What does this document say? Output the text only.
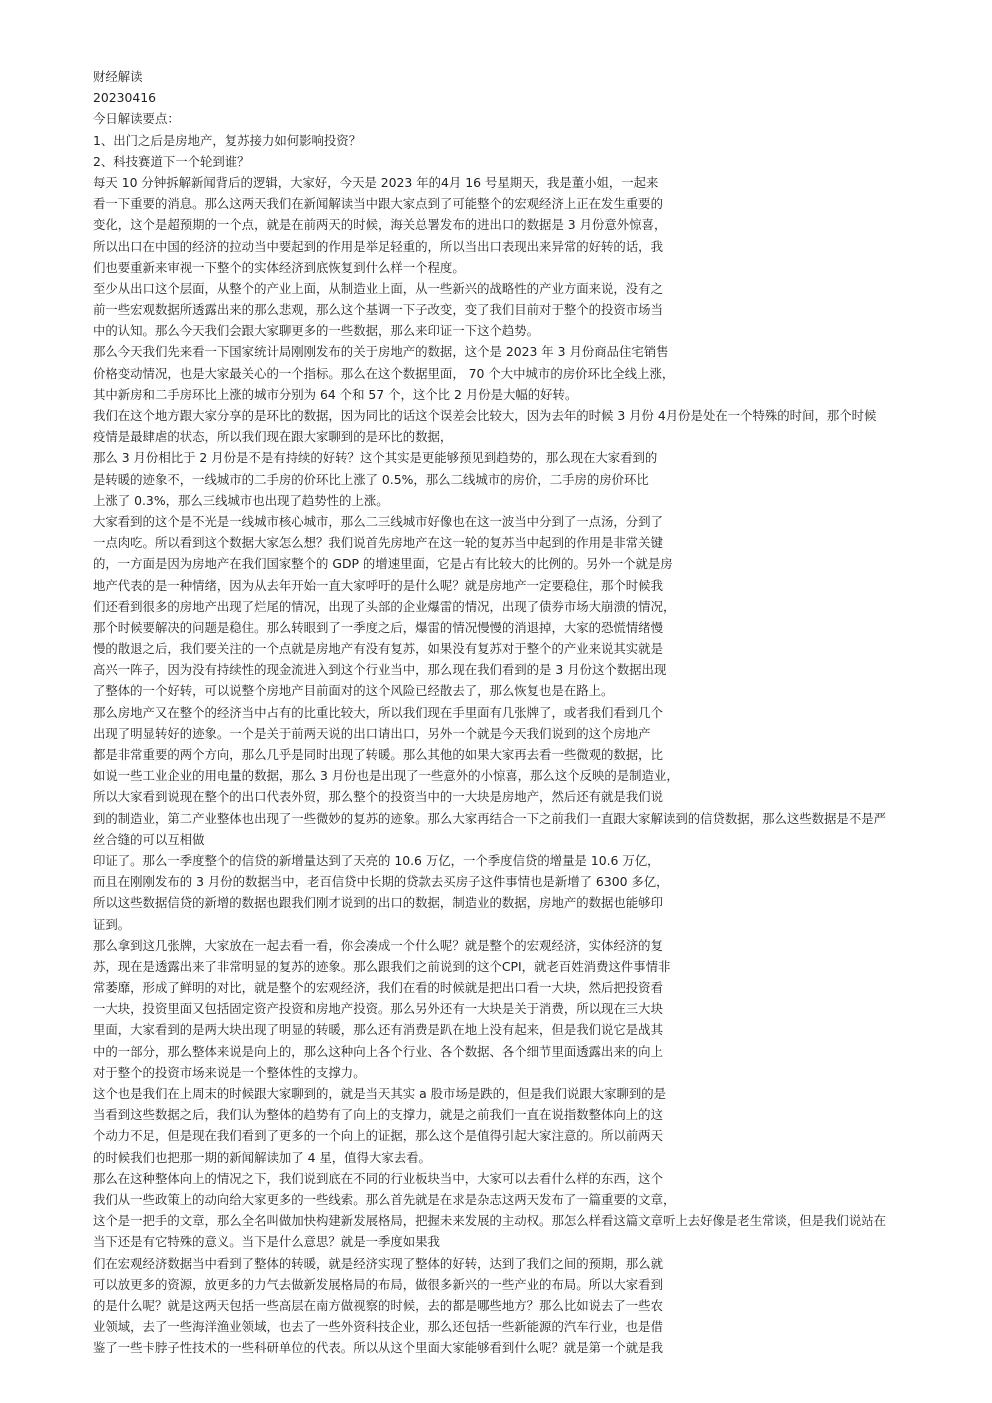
财经解读
20230416
今日解读要点：
1、出门之后是房地产，复苏接力如何影响投资？
2、科技赛道下一个轮到谁？
每天 10 分钟拆解新闻背后的逻辑，大家好，今天是 2023 年的4月 16 号星期天，我是董小姐，一起来
看一下重要的消息。那么这两天我们在新闻解读当中跟大家点到了可能整个的宏观经济上正在发生重要的
变化，这个是超预期的一个点，就是在前两天的时候，海关总署发布的进出口的数据是 3 月份意外惊喜，
所以出口在中国的经济的拉动当中要起到的作用是举足轻重的，所以当出口表现出来异常的好转的话，我
们也要重新来审视一下整个的实体经济到底恢复到什么样一个程度。
至少从出口这个层面，从整个的产业上面，从制造业上面，从一些新兴的战略性的产业方面来说，没有之
前一些宏观数据所透露出来的那么悲观，那么这个基调一下子改变，变了我们目前对于整个的投资市场当
中的认知。那么今天我们会跟大家聊更多的一些数据，那么来印证一下这个趋势。
那么今天我们先来看一下国家统计局刚刚发布的关于房地产的数据，这个是 2023 年 3 月份商品住宅销售
价格变动情况，也是大家最关心的一个指标。那么在这个数据里面， 70 个大中城市的房价环比全线上涨，
其中新房和二手房环比上涨的城市分别为 64 个和 57 个，这个比 2 月份是大幅的好转。
我们在这个地方跟大家分享的是环比的数据，因为同比的话这个误差会比较大，因为去年的时候 3 月份 4月份是处在一个特殊的时间，那个时候
疫情是最肆虐的状态，所以我们现在跟大家聊到的是环比的数据，
那么 3 月份相比于 2 月份是不是有持续的好转？这个其实是更能够预见到趋势的，那么现在大家看到的
是转暖的迹象不，一线城市的二手房的价环比上涨了 0.5%，那么二线城市的房价，二手房的房价环比
上涨了 0.3%，那么三线城市也出现了趋势性的上涨。
大家看到的这个是不光是一线城市核心城市，那么二三线城市好像也在这一波当中分到了一点汤，分到了
一点肉吃。所以看到这个数据大家怎么想？我们说首先房地产在这一轮的复苏当中起到的作用是非常关键
的，一方面是因为房地产在我们国家整个的 GDP 的增速里面，它是占有比较大的比例的。另外一个就是房
地产代表的是一种情绪，因为从去年开始一直大家呼吁的是什么呢？就是房地产一定要稳住，那个时候我
们还看到很多的房地产出现了烂尾的情况，出现了头部的企业爆雷的情况，出现了债券市场大崩溃的情况，
那个时候要解决的问题是稳住。那么转眼到了一季度之后，爆雷的情况慢慢的消退掉，大家的恐慌情绪慢
慢的散退之后，我们要关注的一个点就是房地产有没有复苏，如果没有复苏对于整个的产业来说其实就是
高兴一阵子，因为没有持续性的现金流进入到这个行业当中，那么现在我们看到的是 3 月份这个数据出现
了整体的一个好转，可以说整个房地产目前面对的这个风险已经散去了，那么恢复也是在路上。
那么房地产又在整个的经济当中占有的比重比较大，所以我们现在手里面有几张牌了，或者我们看到几个
出现了明显转好的迹象。一个是关于前两天说的出口请出口，另外一个就是今天我们说到的这个房地产
都是非常重要的两个方向，那么几乎是同时出现了转暖。那么其他的如果大家再去看一些微观的数据，比
如说一些工业企业的用电量的数据，那么 3 月份也是出现了一些意外的小惊喜，那么这个反映的是制造业，
所以大家看到说现在整个的出口代表外贸，那么整个的投资当中的一大块是房地产，然后还有就是我们说
到的制造业，第二产业整体也出现了一些微妙的复苏的迹象。那么大家再结合一下之前我们一直跟大家解读到的信贷数据，那么这些数据是不是严
丝合缝的可以互相做
印证了。那么一季度整个的信贷的新增量达到了天亮的 10.6 万亿，一个季度信贷的增量是 10.6 万亿，
而且在刚刚发布的 3 月份的数据当中，老百信贷中长期的贷款去买房子这件事情也是新增了 6300 多亿，
所以这些数据信贷的新增的数据也跟我们刚才说到的出口的数据，制造业的数据，房地产的数据也能够印
证到。
那么拿到这几张牌，大家放在一起去看一看，你会凑成一个什么呢？就是整个的宏观经济，实体经济的复
苏，现在是透露出来了非常明显的复苏的迹象。那么跟我们之前说到的这个CPI，就老百姓消费这件事情非
常萎靡，形成了鲜明的对比，就是整个的宏观经济，我们在看的时候就是把出口看一大块，然后把投资看
一大块，投资里面又包括固定资产投资和房地产投资。那么另外还有一大块是关于消费，所以现在三大块
里面，大家看到的是两大块出现了明显的转暖，那么还有消费是趴在地上没有起来，但是我们说它是战其
中的一部分，那么整体来说是向上的，那么这种向上各个行业、各个数据、各个细节里面透露出来的向上
对于整个的投资市场来说是一个整体性的支撑力。
这个也是我们在上周末的时候跟大家聊到的，就是当天其实 a 股市场是跌的，但是我们说跟大家聊到的是
当看到这些数据之后，我们认为整体的趋势有了向上的支撑力，就是之前我们一直在说指数整体向上的这
个动力不足，但是现在我们看到了更多的一个向上的证据，那么这个是值得引起大家注意的。所以前两天
的时候我们也把那一期的新闻解读加了 4 星，值得大家去看。
那么在这种整体向上的情况之下，我们说到底在不同的行业板块当中，大家可以去看什么样的东西，这个
我们从一些政策上的动向给大家更多的一些线索。那么首先就是在求是杂志这两天发布了一篇重要的文章，
这个是一把手的文章，那么全名叫做加快构建新发展格局，把握未来发展的主动权。那怎么样看这篇文章听上去好像是老生常谈，但是我们说站在
当下还是有它特殊的意义。当下是什么意思？就是一季度如果我
们在宏观经济数据当中看到了整体的转暖，就是经济实现了整体的好转，达到了我们之间的预期，那么就
可以放更多的资源，放更多的力气去做新发展格局的布局，做很多新兴的一些产业的布局。所以大家看到
的是什么呢？就是这两天包括一些高层在南方做视察的时候，去的都是哪些地方？那么比如说去了一些农
业领域，去了一些海洋渔业领域，也去了一些外资科技企业，那么还包括一些新能源的汽车行业，也是借
鉴了一些卡脖子性技术的一些科研单位的代表。所以从这个里面大家能够看到什么呢？就是第一个就是我
